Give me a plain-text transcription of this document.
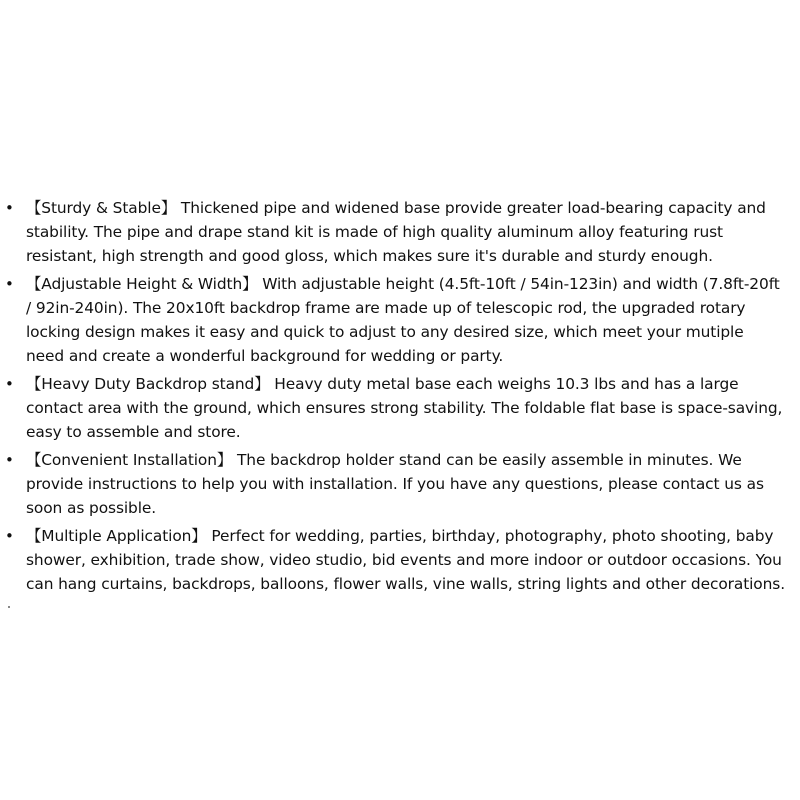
• 【Sturdy & Stable】 Thickened pipe and widened base provide greater load-bearing capacity and stability. The pipe and drape stand kit is made of high quality aluminum alloy featuring rust resistant, high strength and good gloss, which makes sure it's durable and sturdy enough.
• 【Adjustable Height & Width】 With adjustable height (4.5ft-10ft / 54in-123in) and width (7.8ft-20ft / 92in-240in). The 20x10ft backdrop frame are made up of telescopic rod, the upgraded rotary locking design makes it easy and quick to adjust to any desired size, which meet your mutiple need and create a wonderful background for wedding or party.
• 【Heavy Duty Backdrop stand】 Heavy duty metal base each weighs 10.3 lbs and has a large contact area with the ground, which ensures strong stability. The foldable flat base is space-saving, easy to assemble and store.
• 【Convenient Installation】 The backdrop holder stand can be easily assemble in minutes. We provide instructions to help you with installation. If you have any questions, please contact us as soon as possible.
• 【Multiple Application】 Perfect for wedding, parties, birthday, photography, photo shooting, baby shower, exhibition, trade show, video studio, bid events and more indoor or outdoor occasions. You can hang curtains, backdrops, balloons, flower walls, vine walls, string lights and other decorations.
